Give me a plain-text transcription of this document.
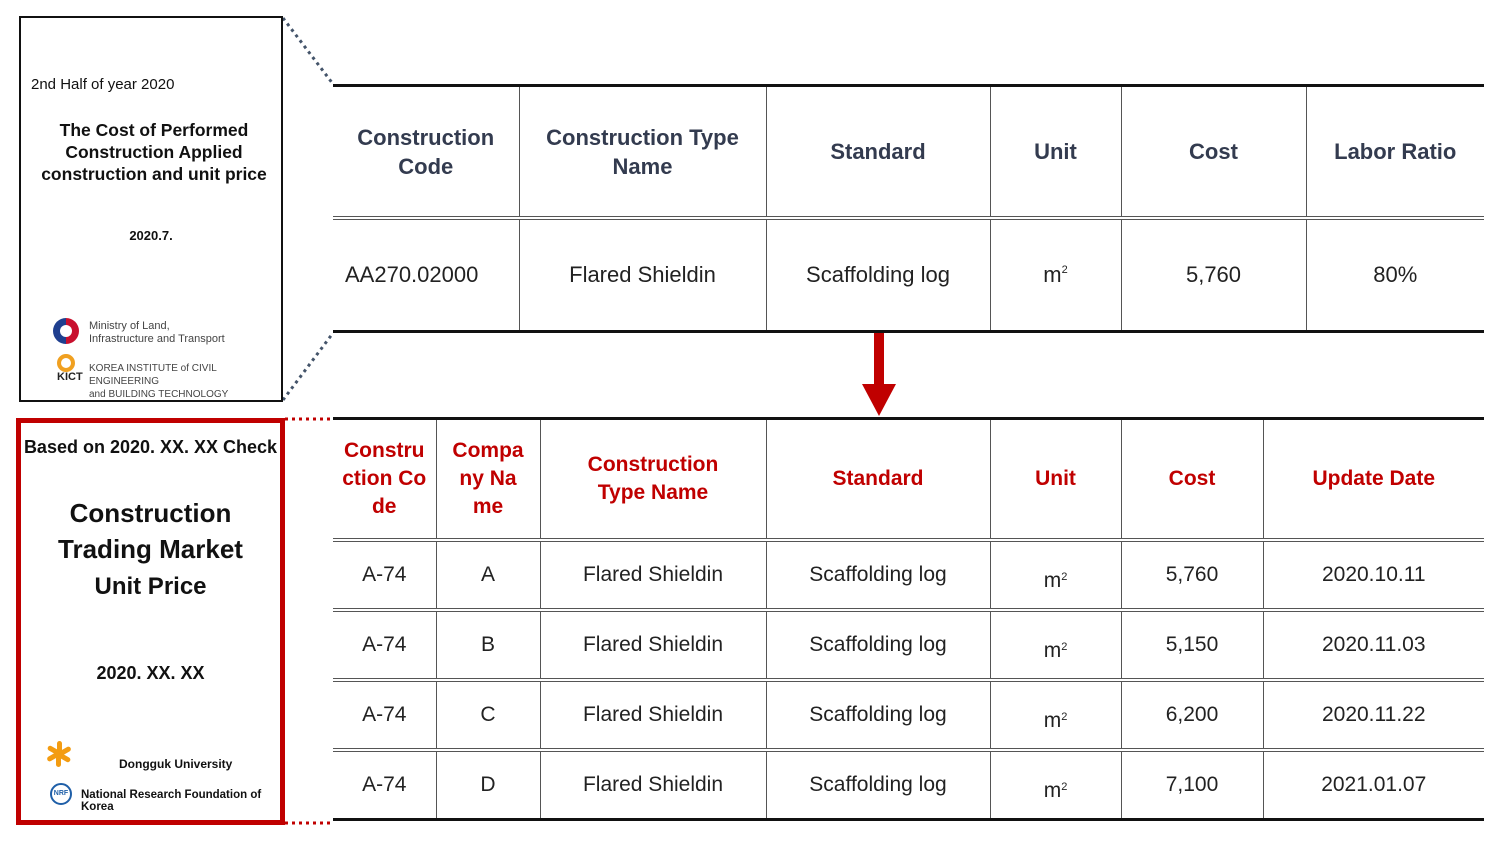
2nd Half of year 2020
The Cost of Performed Construction Applied construction and unit price
2020.7.
Ministry of Land,
Infrastructure and Transport
KICT
KOREA INSTITUTE of CIVIL ENGINEERING
and BUILDING TECHNOLOGY
Based on 2020. XX. XX Check
Construction
Trading Market
Unit Price
2020. XX. XX
Dongguk University
NRF	National Research Foundation of Korea
Construction Code	Construction Type Name	Standard	Unit	Cost	Labor Ratio
AA270.02000	Flared Shieldin	Scaffolding log	$m^2$	5,760	80%
Construction Code	Company Name	Construction Type Name	Standard	Unit	Cost	Update Date
A-74	A	Flared Shieldin	Scaffolding log	$m^2$	5,760	2020.10.11
A-74	B	Flared Shieldin	Scaffolding log	$m^2$	5,150	2020.11.03
A-74	C	Flared Shieldin	Scaffolding log	$m^2$	6,200	2020.11.22
A-74	D	Flared Shieldin	Scaffolding log	$m^2$	7,100	2021.01.07
